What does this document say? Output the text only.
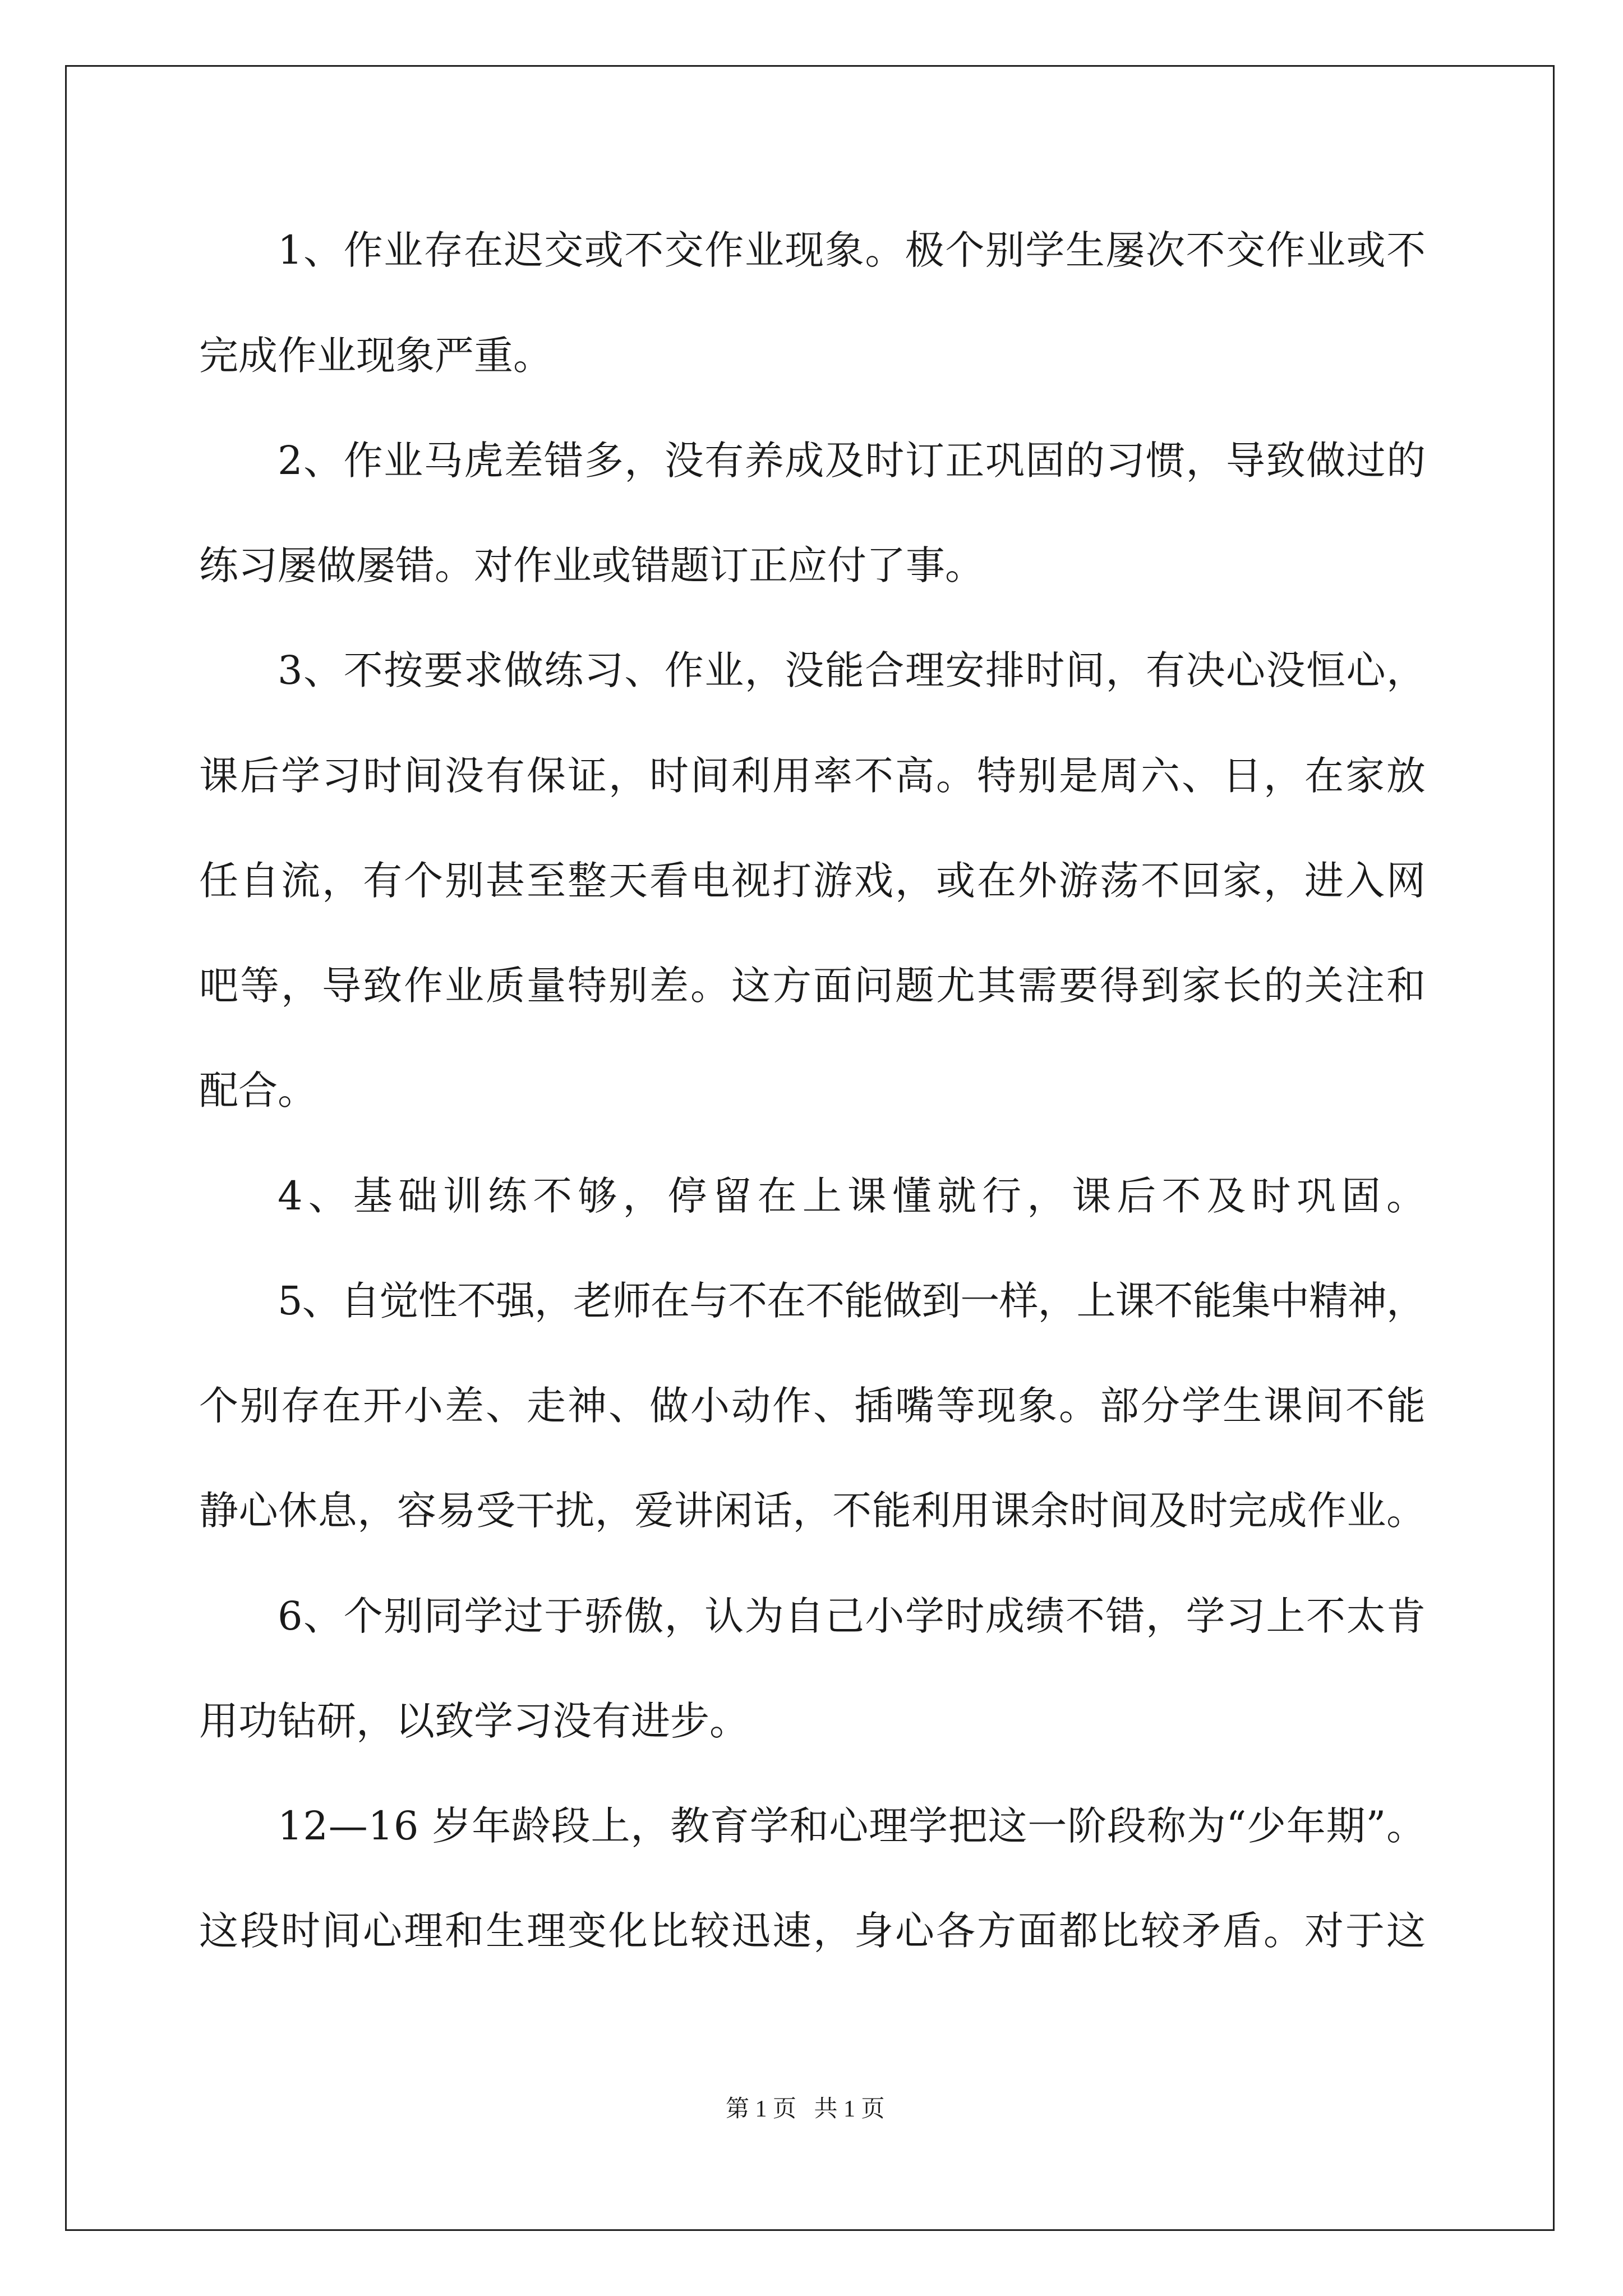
1、作业存在迟交或不交作业现象。极个别学生屡次不交作业或不
完成作业现象严重。
2、作业马虎差错多，没有养成及时订正巩固的习惯，导致做过的
练习屡做屡错。对作业或错题订正应付了事。
3、不按要求做练习、作业，没能合理安排时间，有决心没恒心，
课后学习时间没有保证，时间利用率不高。特别是周六、日，在家放
任自流，有个别甚至整天看电视打游戏，或在外游荡不回家，进入网
吧等，导致作业质量特别差。这方面问题尤其需要得到家长的关注和
配合。
4、基础训练不够，停留在上课懂就行，课后不及时巩固。
5、自觉性不强，老师在与不在不能做到一样，上课不能集中精神，
个别存在开小差、走神、做小动作、插嘴等现象。部分学生课间不能
静心休息，容易受干扰，爱讲闲话，不能利用课余时间及时完成作业。
6、个别同学过于骄傲，认为自己小学时成绩不错，学习上不太肯
用功钻研，以致学习没有进步。
12—16 岁年龄段上，教育学和心理学把这一阶段称为“少年期”。
这段时间心理和生理变化比较迅速，身心各方面都比较矛盾。对于这
第 1 页   共 1 页
